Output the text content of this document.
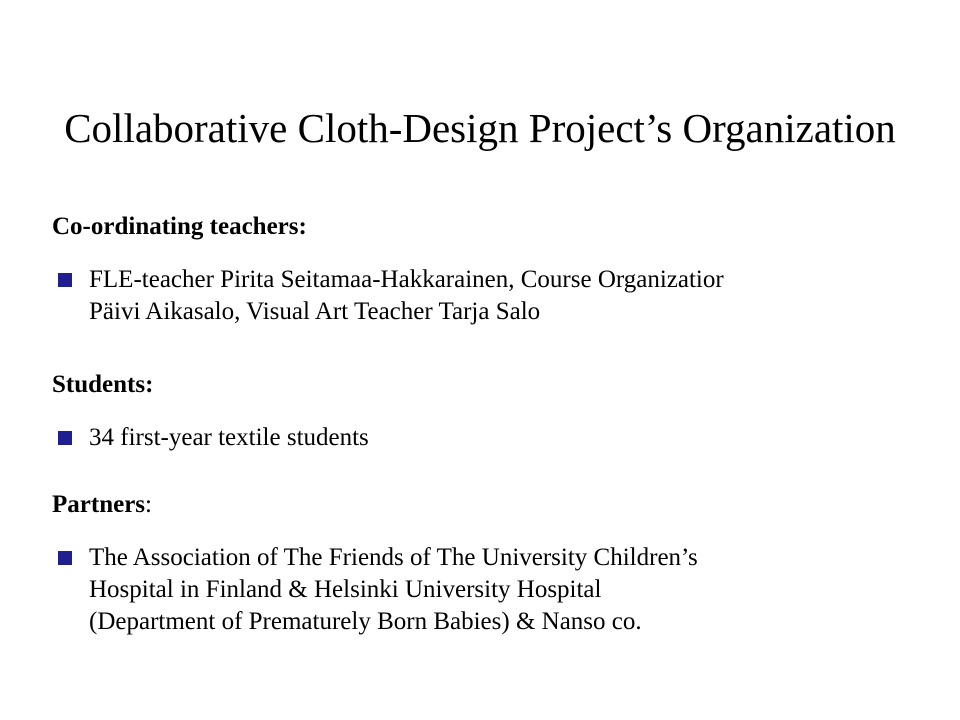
Collaborative Cloth-Design Project’s Organization
Co-ordinating teachers:
FLE-teacher Pirita Seitamaa-Hakkarainen, Course Organizatior
Päivi Aikasalo, Visual Art Teacher Tarja Salo
Students:
34 first-year textile students
Partners:
The Association of The Friends of The University Children’s
Hospital in Finland & Helsinki University Hospital
(Department of Prematurely Born Babies) & Nanso co.
